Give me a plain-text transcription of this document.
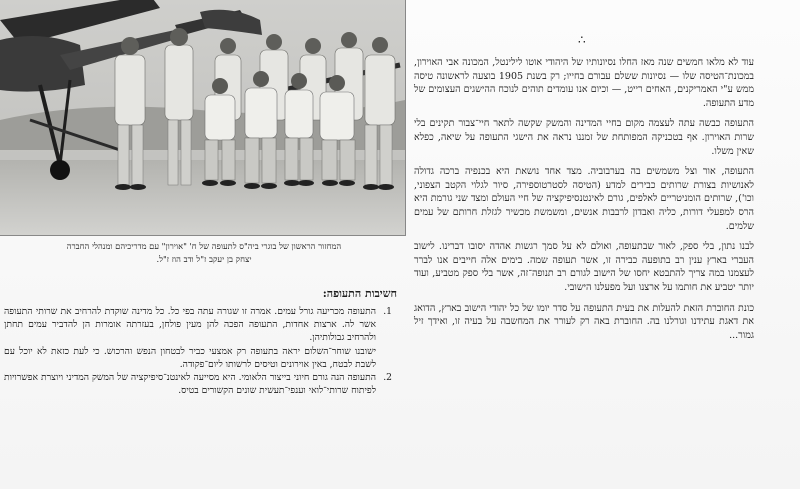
המחזור הראשון של בוגרי ביה"ס לתעופה של ח' "אוירון" עם מדריכיהם ומנהלי החברה
יצחק בן יעקב ז"ל ודב הוז ז"ל.
חשיבות התעופה:
1.
התעופה מכריעה גורל עמים. אמרה זו שגורה עתה בפי כל. כל מדינה שוקדת להרחיב את שרותי התעופה אשר לה. ארצות אחדות, התעופה הפכה להן מעין פולחן, בעזרתה אומרות הן להדביר עמים תחתן ולהרחיב גבולותיהן.
ישובנו שוחר־השלום יראה בתעופה רק אמצעי כביר לבטחון הנפש והרכוש. כי לעת כזאת לא יוכל עם לשבת לבטח, באין אוירונים וטיסים לרשותו ליום־פקודה.
2.
התעופה הנה גורם חיוני בייצור הלאומי. היא מסייעה לאינטנ־סיפיקציה של המשק המדיני ויוצרת אפשרויות לפיתוח שרותי־לואי וענפי־תעשית שונים הקשורים בטיס.
∴

עוד לא מלאו חמשים שנה מאז החלו נסיונותיו של היהודי אוטו לילינטל, המכונה אבי האוירון, במכונת־הטיסה שלו — נסיונות ששלם עבורם בחייו; רק בשנת 1905 בוצעה לראשונה טיסה ממש ע"י האמריקנים, האחים רייט, — וכיום אנו עומדים תוהים לנוכח ההישגים העצומים של מדע התעופה.

התעופה כבשה עתה לעצמה מקום בחיי המדינה והמשק שקשה לתאר חיי־צבור תקינים בלי שרות האוירון. אף בטכניקה המפותחת של זמננו נראה את הישגי התעופה על שיאה, כפלא שאין משלו.

התעופה, אור וצל משמשים בה בערבוביה. מצד אחד נושאת היא בכנפיה ברכה גדולה לאנושיות בצורת שרותים כבירים למדע (הטיסה לסטרטוספירה, סיור לגלוי הקטב הצפוני, וכו'), שרותים הומניטריים לאלפים, גורם לאינטנסיפיקציה של חיי העולם ומצד שני גורמת היא הרס למפעלי דורות, כליה ואבדון לרבבות אנשים, ומשמשת מכשיר לגזלת חרותם של עמים שלמים.

לבנו נתון, בלי ספק, לאור שבתעופה, ואולם לא על סמך רגשות אהדה יסובו דברינו. לישוב העברי בארץ ענין רב בתופעה כבירה זו, אשר תעופה שמה. בימים אלה חייבים אנו לברר לעצמנו במה צריך להתבטא יחסו של הישוב לגורם רב תנופה־זה, אשר בלי ספק מטביע, ועוד יותר יטביע את חותמו על ארצנו ועל מפעלנו הישובי.

כונת החוברת הזאת להעלות את בעית התעופה על סדר יומו של כל יהודי הישוב בארץ, הדואג את דאגת עתידנו וגורלנו בה. החוברת באה רק לעורר את המחשבה על בעיה זו, ואידך זיל גמור...
